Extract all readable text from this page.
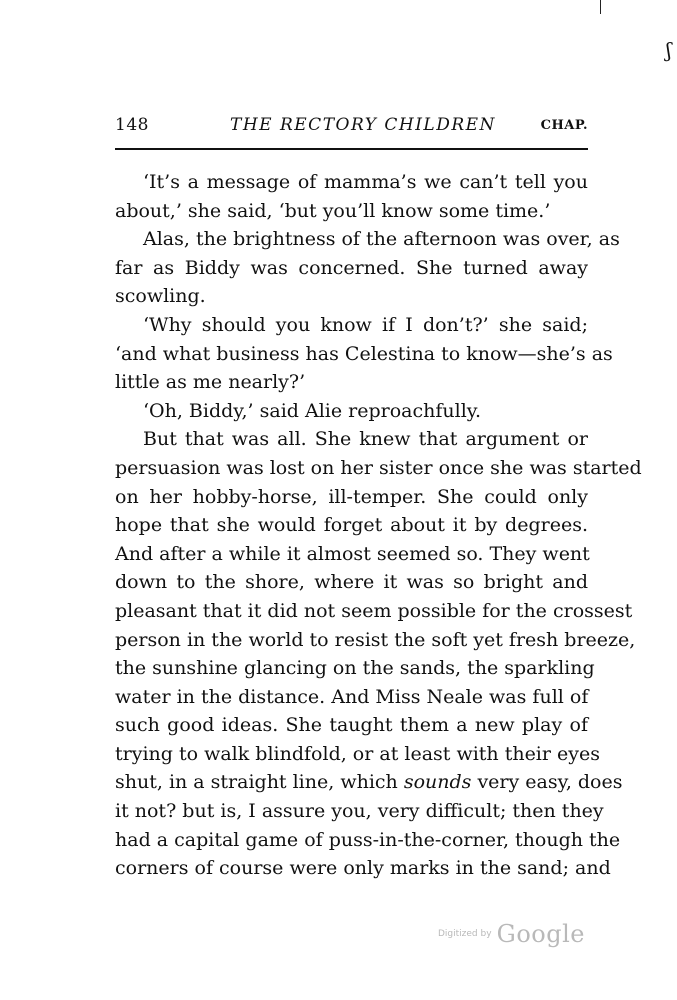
ʃ
148	THE RECTORY CHILDREN	CHAP.
‘It’s a message of mamma’s we can’t tell you
about,’ she said, ‘but you’ll know some time.’
Alas, the brightness of the afternoon was over, as
far as Biddy was concerned. She turned away
scowling.
‘Why should you know if I don’t?’ she said;
‘and what business has Celestina to know—she’s as
little as me nearly?’
‘Oh, Biddy,’ said Alie reproachfully.
But that was all. She knew that argument or
persuasion was lost on her sister once she was started
on her hobby-horse, ill-temper. She could only
hope that she would forget about it by degrees.
And after a while it almost seemed so. They went
down to the shore, where it was so bright and
pleasant that it did not seem possible for the crossest
person in the world to resist the soft yet fresh breeze,
the sunshine glancing on the sands, the sparkling
water in the distance. And Miss Neale was full of
such good ideas. She taught them a new play of
trying to walk blindfold, or at least with their eyes
shut, in a straight line, which sounds very easy, does
it not? but is, I assure you, very difficult; then they
had a capital game of puss-in-the-corner, though the
corners of course were only marks in the sand; and
Digitized by Google
